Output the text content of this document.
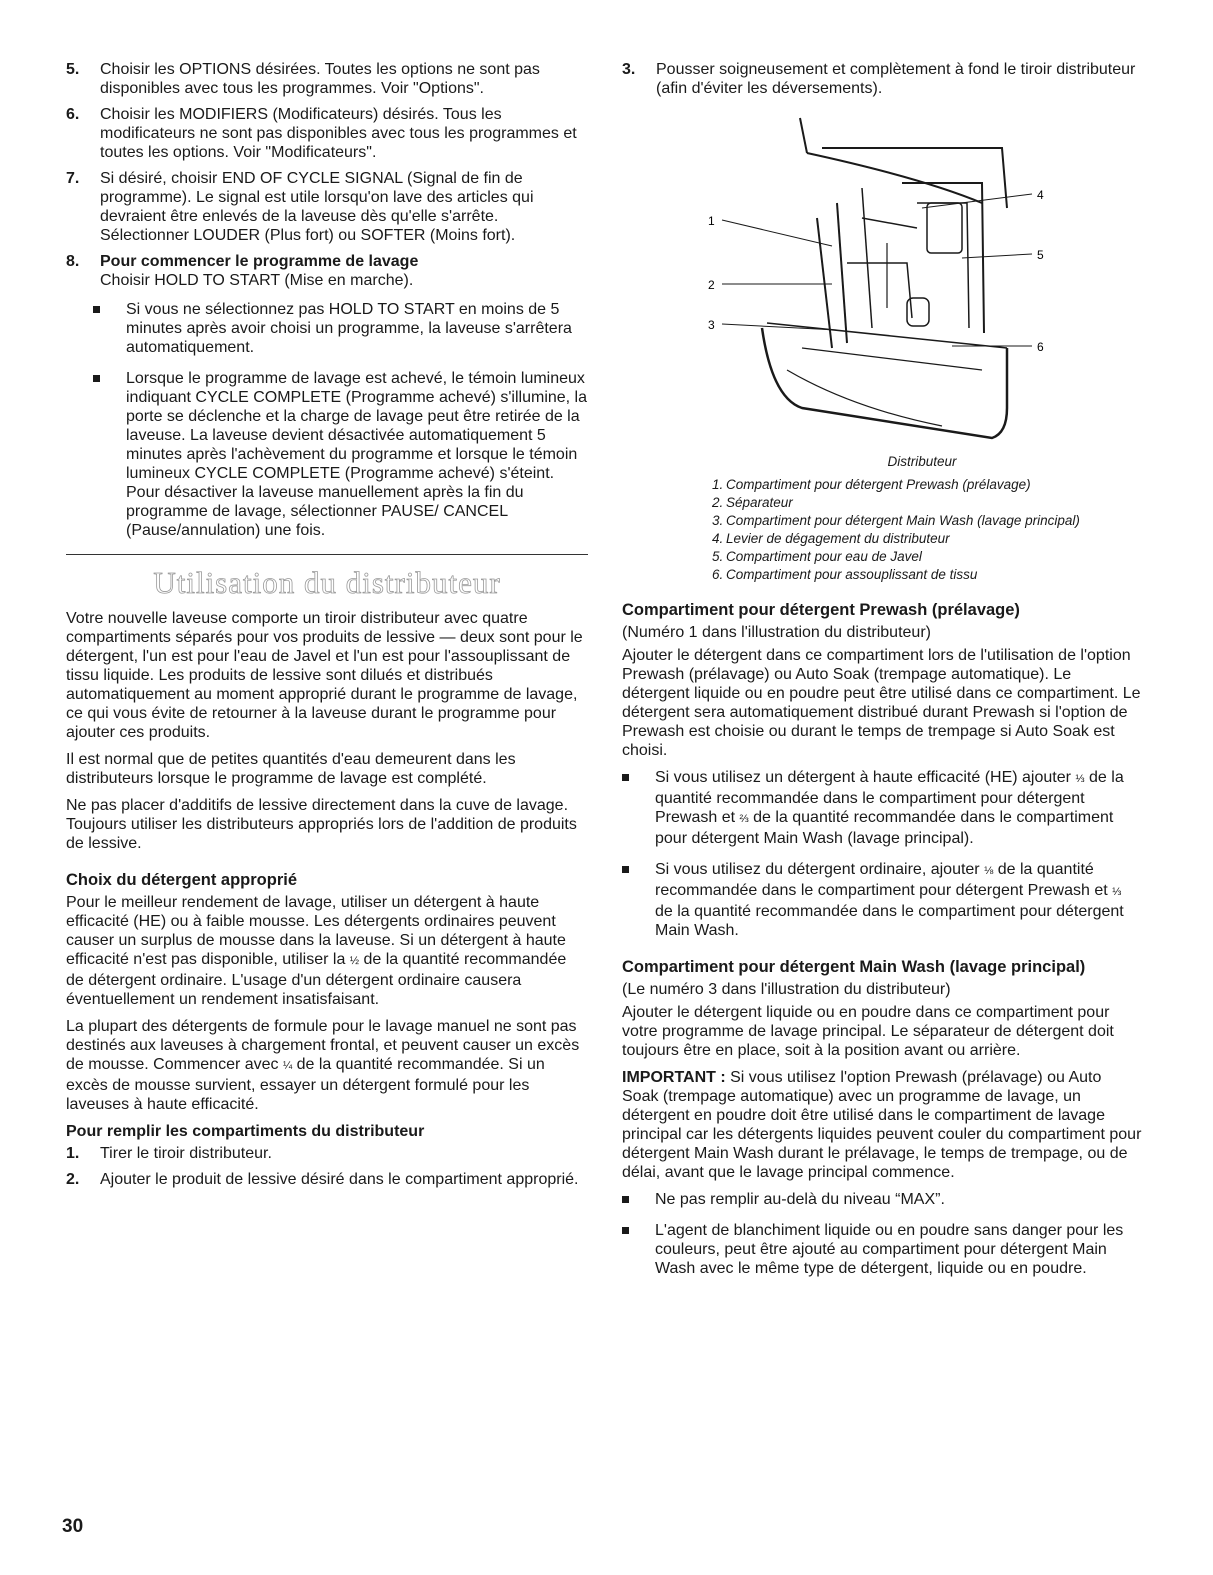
5. Choisir les OPTIONS désirées. Toutes les options ne sont pas disponibles avec tous les programmes. Voir "Options".
6. Choisir les MODIFIERS (Modificateurs) désirés. Tous les modificateurs ne sont pas disponibles avec tous les programmes et toutes les options. Voir "Modificateurs".
7. Si désiré, choisir END OF CYCLE SIGNAL (Signal de fin de programme). Le signal est utile lorsqu'on lave des articles qui devraient être enlevés de la laveuse dès qu'elle s'arrête. Sélectionner LOUDER (Plus fort) ou SOFTER (Moins fort).
8. Pour commencer le programme de lavage
Choisir HOLD TO START (Mise en marche).
Si vous ne sélectionnez pas HOLD TO START en moins de 5 minutes après avoir choisi un programme, la laveuse s'arrêtera automatiquement.
Lorsque le programme de lavage est achevé, le témoin lumineux indiquant CYCLE COMPLETE (Programme achevé) s'illumine, la porte se déclenche et la charge de lavage peut être retirée de la laveuse. La laveuse devient désactivée automatiquement 5 minutes après l'achèvement du programme et lorsque le témoin lumineux CYCLE COMPLETE (Programme achevé) s'éteint. Pour désactiver la laveuse manuellement après la fin du programme de lavage, sélectionner PAUSE/ CANCEL (Pause/annulation) une fois.
Utilisation du distributeur

Votre nouvelle laveuse comporte un tiroir distributeur avec quatre compartiments séparés pour vos produits de lessive — deux sont pour le détergent, l'un est pour l'eau de Javel et l'un est pour l'assouplissant de tissu liquide. Les produits de lessive sont dilués et distribués automatiquement au moment approprié durant le programme de lavage, ce qui vous évite de retourner à la laveuse durant le programme pour ajouter ces produits.

Il est normal que de petites quantités d'eau demeurent dans les distributeurs lorsque le programme de lavage est complété.

Ne pas placer d'additifs de lessive directement dans la cuve de lavage. Toujours utiliser les distributeurs appropriés lors de l'addition de produits de lessive.

Choix du détergent approprié

Pour le meilleur rendement de lavage, utiliser un détergent à haute efficacité (HE) ou à faible mousse. Les détergents ordinaires peuvent causer un surplus de mousse dans la laveuse. Si un détergent à haute efficacité n'est pas disponible, utiliser la ½ de la quantité recommandée de détergent ordinaire. L'usage d'un détergent ordinaire causera éventuellement un rendement insatisfaisant.

La plupart des détergents de formule pour le lavage manuel ne sont pas destinés aux laveuses à chargement frontal, et peuvent causer un excès de mousse. Commencer avec ¼ de la quantité recommandée. Si un excès de mousse survient, essayer un détergent formulé pour les laveuses à haute efficacité.

Pour remplir les compartiments du distributeur
1. Tirer le tiroir distributeur.
2. Ajouter le produit de lessive désiré dans le compartiment approprié.
3. Pousser soigneusement et complètement à fond le tiroir distributeur (afin d'éviter les déversements).
1
2
3
4
5
6
Distributeur
1. Compartiment pour détergent Prewash (prélavage)
2. Séparateur
3. Compartiment pour détergent Main Wash (lavage principal)
4. Levier de dégagement du distributeur
5. Compartiment pour eau de Javel
6. Compartiment pour assouplissant de tissu
Compartiment pour détergent Prewash (prélavage)

(Numéro 1 dans l'illustration du distributeur)

Ajouter le détergent dans ce compartiment lors de l'utilisation de l'option Prewash (prélavage) ou Auto Soak (trempage automatique). Le détergent liquide ou en poudre peut être utilisé dans ce compartiment. Le détergent sera automatiquement distribué durant Prewash si l'option de Prewash est choisie ou durant le temps de trempage si Auto Soak est choisi.

Si vous utilisez un détergent à haute efficacité (HE) ajouter ⅓ de la quantité recommandée dans le compartiment pour détergent Prewash et ⅔ de la quantité recommandée dans le compartiment pour détergent Main Wash (lavage principal).
Si vous utilisez du détergent ordinaire, ajouter ⅛ de la quantité recommandée dans le compartiment pour détergent Prewash et ⅓ de la quantité recommandée dans le compartiment pour détergent Main Wash.
Compartiment pour détergent Main Wash (lavage principal)

(Le numéro 3 dans l'illustration du distributeur)

Ajouter le détergent liquide ou en poudre dans ce compartiment pour votre programme de lavage principal. Le séparateur de détergent doit toujours être en place, soit à la position avant ou arrière.

IMPORTANT : Si vous utilisez l'option Prewash (prélavage) ou Auto Soak (trempage automatique) avec un programme de lavage, un détergent en poudre doit être utilisé dans le compartiment de lavage principal car les détergents liquides peuvent couler du compartiment pour détergent Main Wash durant le prélavage, le temps de trempage, ou de délai, avant que le lavage principal commence.

Ne pas remplir au-delà du niveau “MAX”.
L'agent de blanchiment liquide ou en poudre sans danger pour les couleurs, peut être ajouté au compartiment pour détergent Main Wash avec le même type de détergent, liquide ou en poudre.
30
